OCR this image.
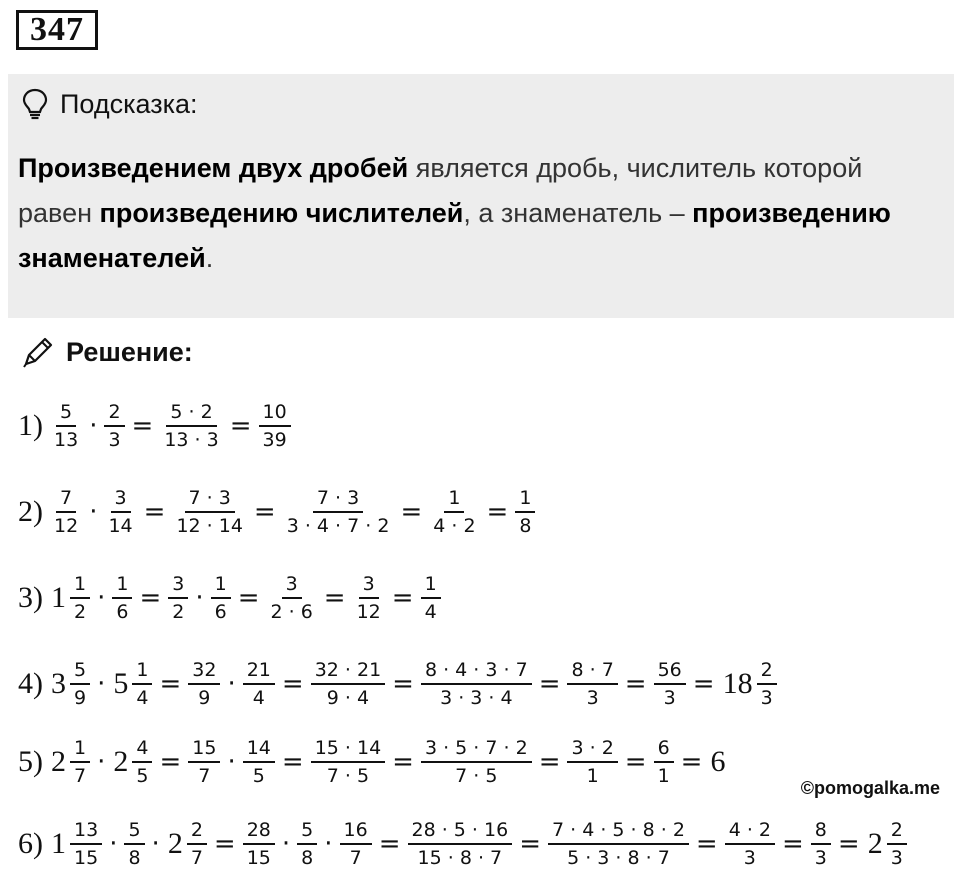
347
Подсказка:
Произведением двух дробей является дробь, числитель которой равен произведению числителей, а знаменатель – произведению знаменателей.
Решение:
$1) \frac{5}{13} \cdot \frac{2}{3} = \frac{5 \cdot 2}{13 \cdot 3} = \frac{10}{39}$
$2) \frac{7}{12} \cdot \frac{3}{14} = \frac{7 \cdot 3}{12 \cdot 14} = \frac{7 \cdot 3}{3 \cdot 4 \cdot 7 \cdot 2} = \frac{1}{4 \cdot 2} = \frac{1}{8}$
3) $1 \frac{1}{2} \cdot \frac{1}{6} = \frac{3}{2} \cdot \frac{1}{6} = \frac{3}{2 \cdot 6} = \frac{3}{12} = \frac{1}{4}$
4) $3 \frac{5}{9} \cdot 5 \frac{1}{4} = \frac{32}{9} \cdot \frac{21}{4} = \frac{32 \cdot 21}{9 \cdot 4} = \frac{8 \cdot 4 \cdot 3 \cdot 7}{3 \cdot 3 \cdot 4} = \frac{8 \cdot 7}{3} = \frac{56}{3} = 18 \frac{2}{3}$
5) $2 \frac{1}{7} \cdot 2 \frac{4}{5} = \frac{15}{7} \cdot \frac{14}{5} = \frac{15 \cdot 14}{7 \cdot 5} = \frac{3 \cdot 5 \cdot 7 \cdot 2}{7 \cdot 5} = \frac{3 \cdot 2}{1} = \frac{6}{1} = 6$
6) $1 \frac{13}{15} \cdot \frac{5}{8} \cdot 2 \frac{2}{7} = \frac{28}{15} \cdot \frac{5}{8} \cdot \frac{16}{7} = \frac{28 \cdot 5 \cdot 16}{15 \cdot 8 \cdot 7} = \frac{7 \cdot 4 \cdot 5 \cdot 8 \cdot 2}{5 \cdot 3 \cdot 8 \cdot 7} = \frac{4 \cdot 2}{3} = \frac{8}{3} = 2 \frac{2}{3}$
©pomogalka.me
